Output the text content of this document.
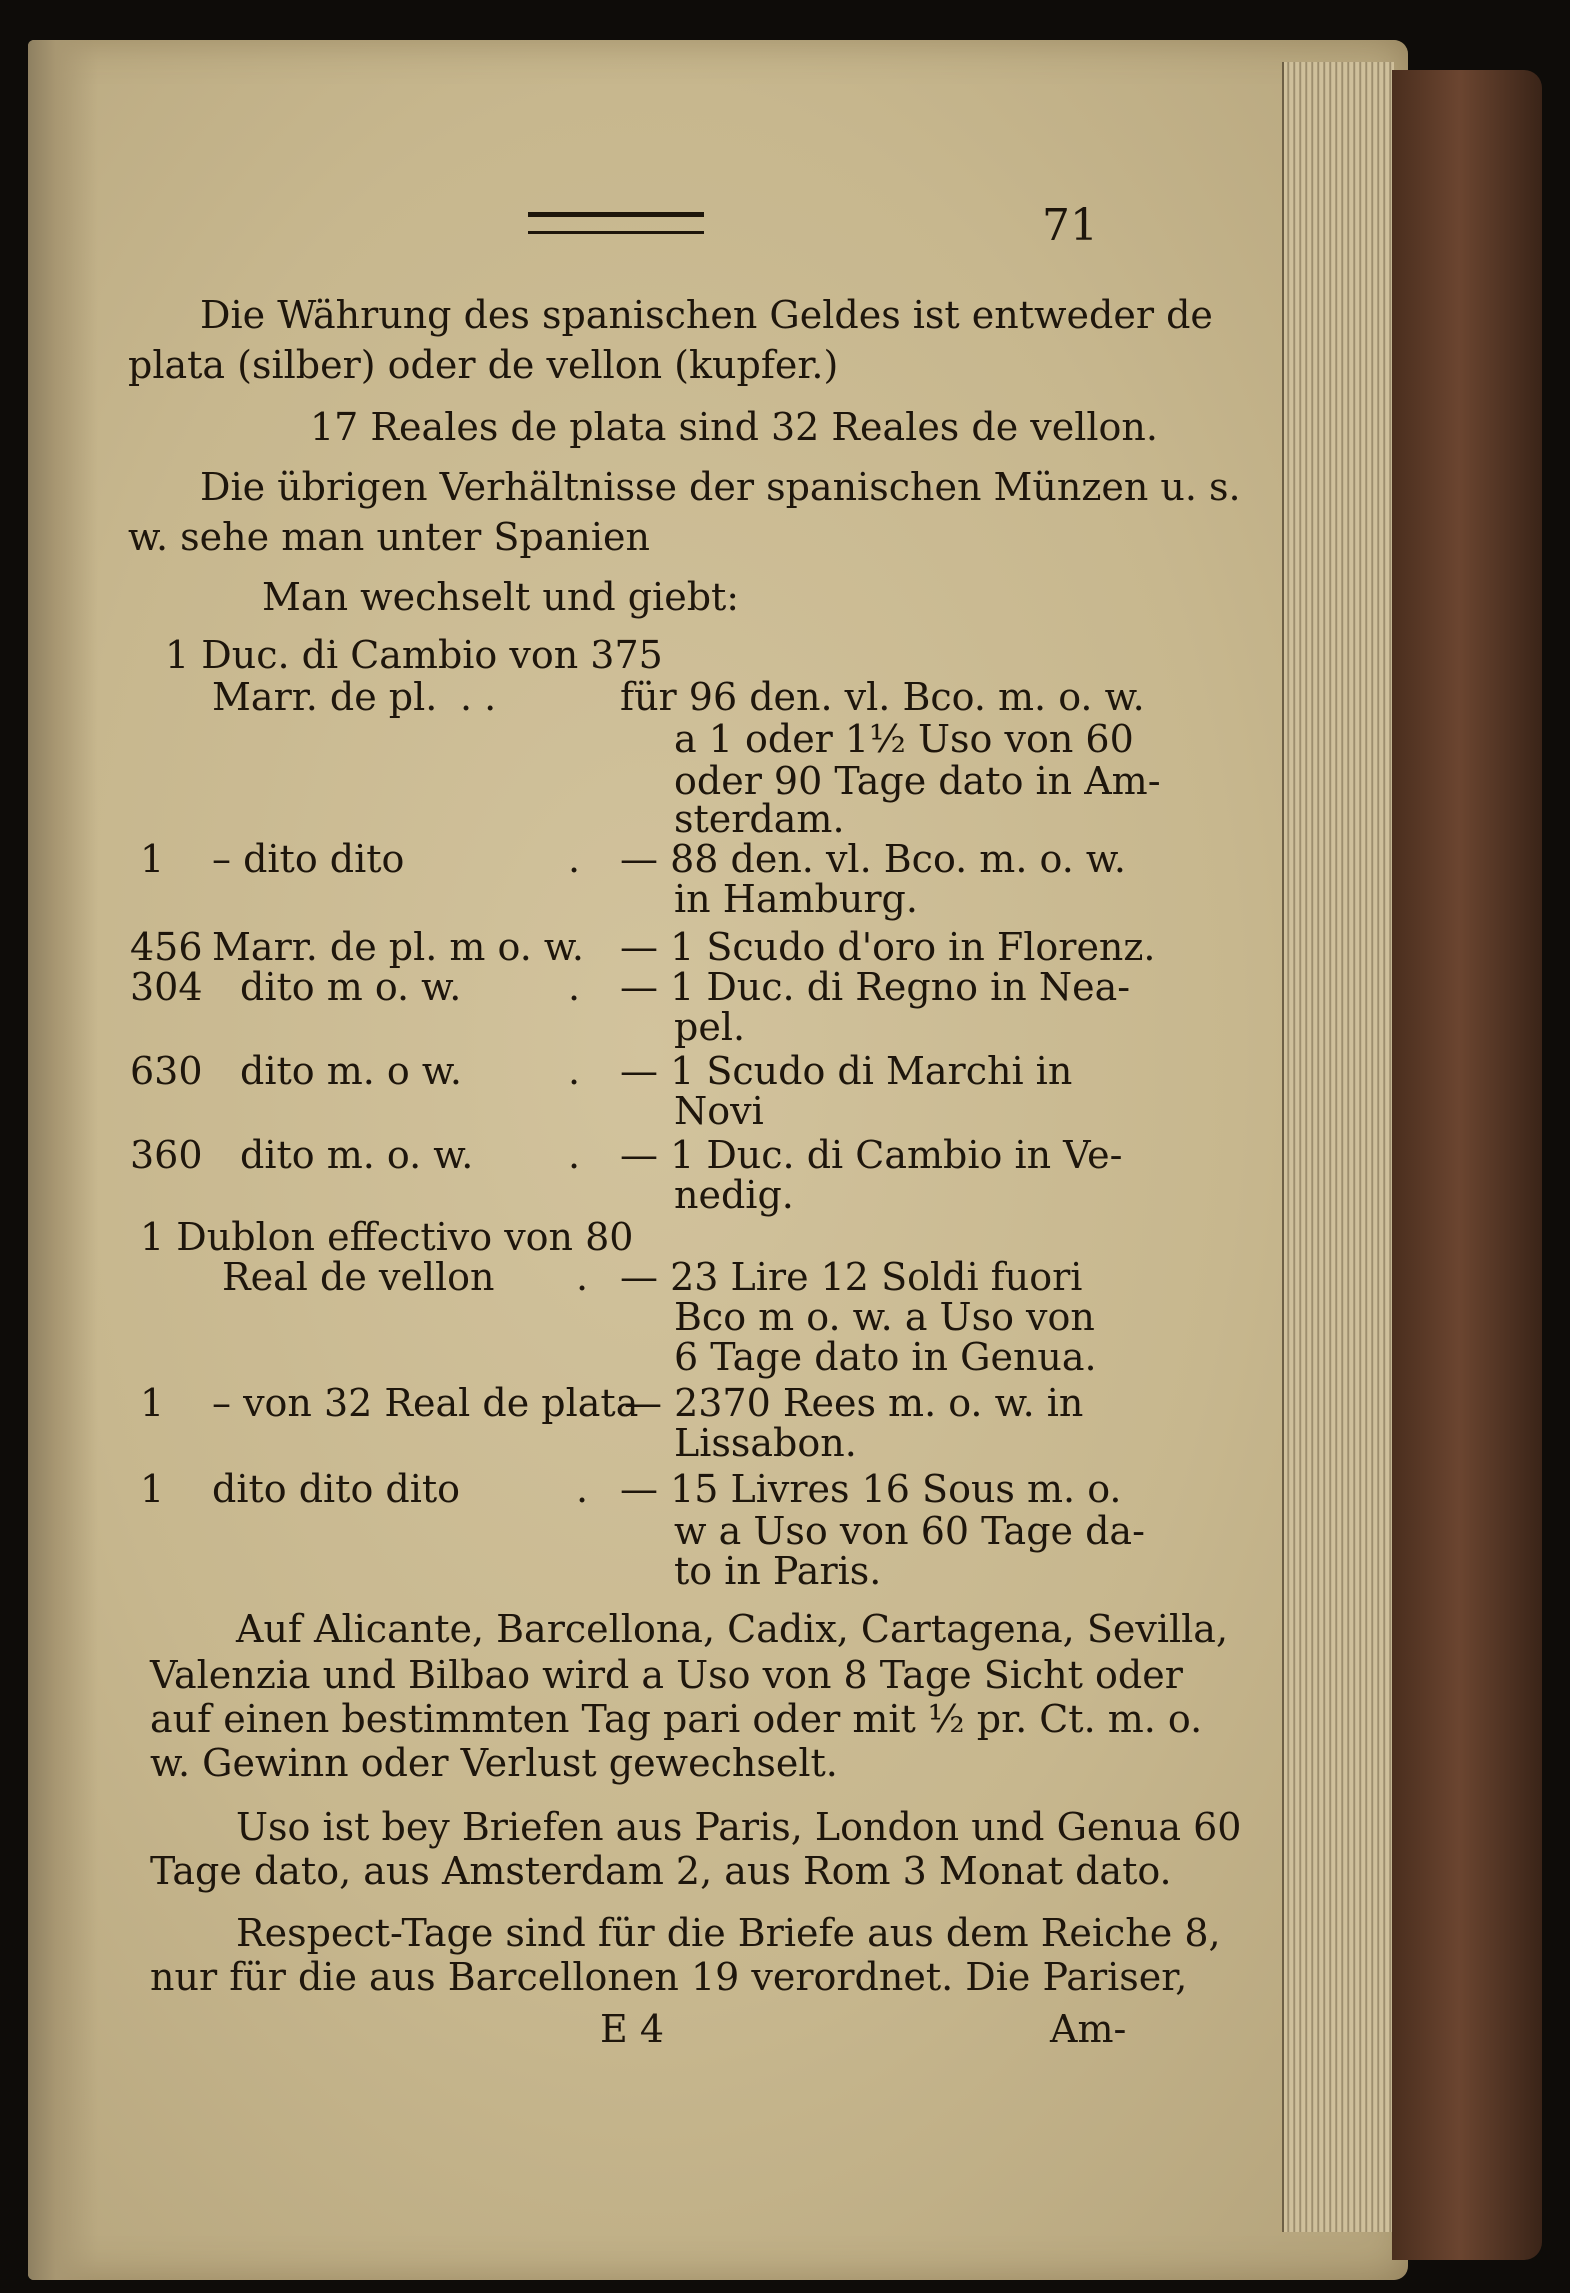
71
Die Währung des spanischen Geldes ist entweder de
plata (silber) oder de vellon (kupfer.)
17 Reales de plata sind 32 Reales de vellon.
Die übrigen Verhältnisse der spanischen Münzen u. s.
w. sehe man unter Spanien
Man wechselt und giebt:
1 Duc. di Cambio von 375
Marr. de pl. . .	für 96 den. vl. Bco. m. o. w.
a 1 oder 1½ Uso von 60
oder 90 Tage dato in Am-
sterdam.
1 – dito dito	. — 88 den. vl. Bco. m. o. w.
in Hamburg.
456 Marr. de pl. m o. w. — 1 Scudo d'oro in Florenz.
304 dito m o. w.	. — 1 Duc. di Regno in Nea-
pel.
630 dito m. o w.	. — 1 Scudo di Marchi in
Novi
360 dito m. o. w. . — 1 Duc. di Cambio in Ve-
nedig.
1 Dublon effectivo von 80
Real de vellon . — 23 Lire 12 Soldi fuori
Bco m o. w. a Uso von
6 Tage dato in Genua.
1 – von 32 Real de plata
— 2370 Rees m. o. w. in
Lissabon.
1 dito dito dito	. — 15 Livres 16 Sous m. o.
w a Uso von 60 Tage da-
to in Paris.
Auf Alicante, Barcellona, Cadix, Cartagena, Sevilla,
Valenzia und Bilbao wird a Uso von 8 Tage Sicht oder
auf einen bestimmten Tag pari oder mit ½ pr. Ct. m. o.
w. Gewinn oder Verlust gewechselt.
Uso ist bey Briefen aus Paris, London und Genua 60
Tage dato, aus Amsterdam 2, aus Rom 3 Monat dato.
Respect-Tage sind für die Briefe aus dem Reiche 8,
nur für die aus Barcellonen 19 verordnet. Die Pariser,
E 4	Am-
